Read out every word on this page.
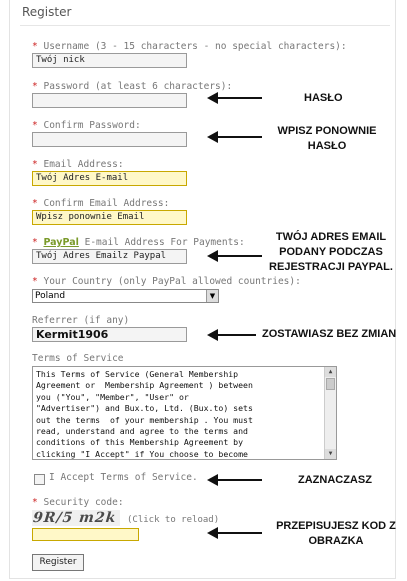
Register
* Username (3 - 15 characters - no special characters):
Twój nick
* Password (at least 6 characters):
* Confirm Password:
* Email Address:
Twój Adres E-mail
* Confirm Email Address:
Wpisz ponownie Email
* PayPal E-mail Address For Payments:
Twój Adres Emailz Paypal
* Your Country (only PayPal allowed countries):
Poland	▼
Referrer (if any)
Kermit1906
Terms of Service
This Terms of Service (General Membership
Agreement or  Membership Agreement ) between
you ("You", "Member", "User" or
"Advertiser") and Bux.to, Ltd. (Bux.to) sets
out the terms  of your membership . You must
read, understand and agree to the terms and
conditions of this Membership Agreement by
clicking "I Accept" if You choose to become
▲
▼
I Accept Terms of Service.
* Security code:
9R/5 m2k (Click to reload)
Register
HASŁO
WPISZ PONOWNIE
HASŁO
TWÓJ ADRES EMAIL
PODANY PODCZAS
REJESTRACJI PAYPAL.
ZOSTAWIASZ BEZ ZMIAN
ZAZNACZASZ
PRZEPISUJESZ KOD Z
OBRAZKA
